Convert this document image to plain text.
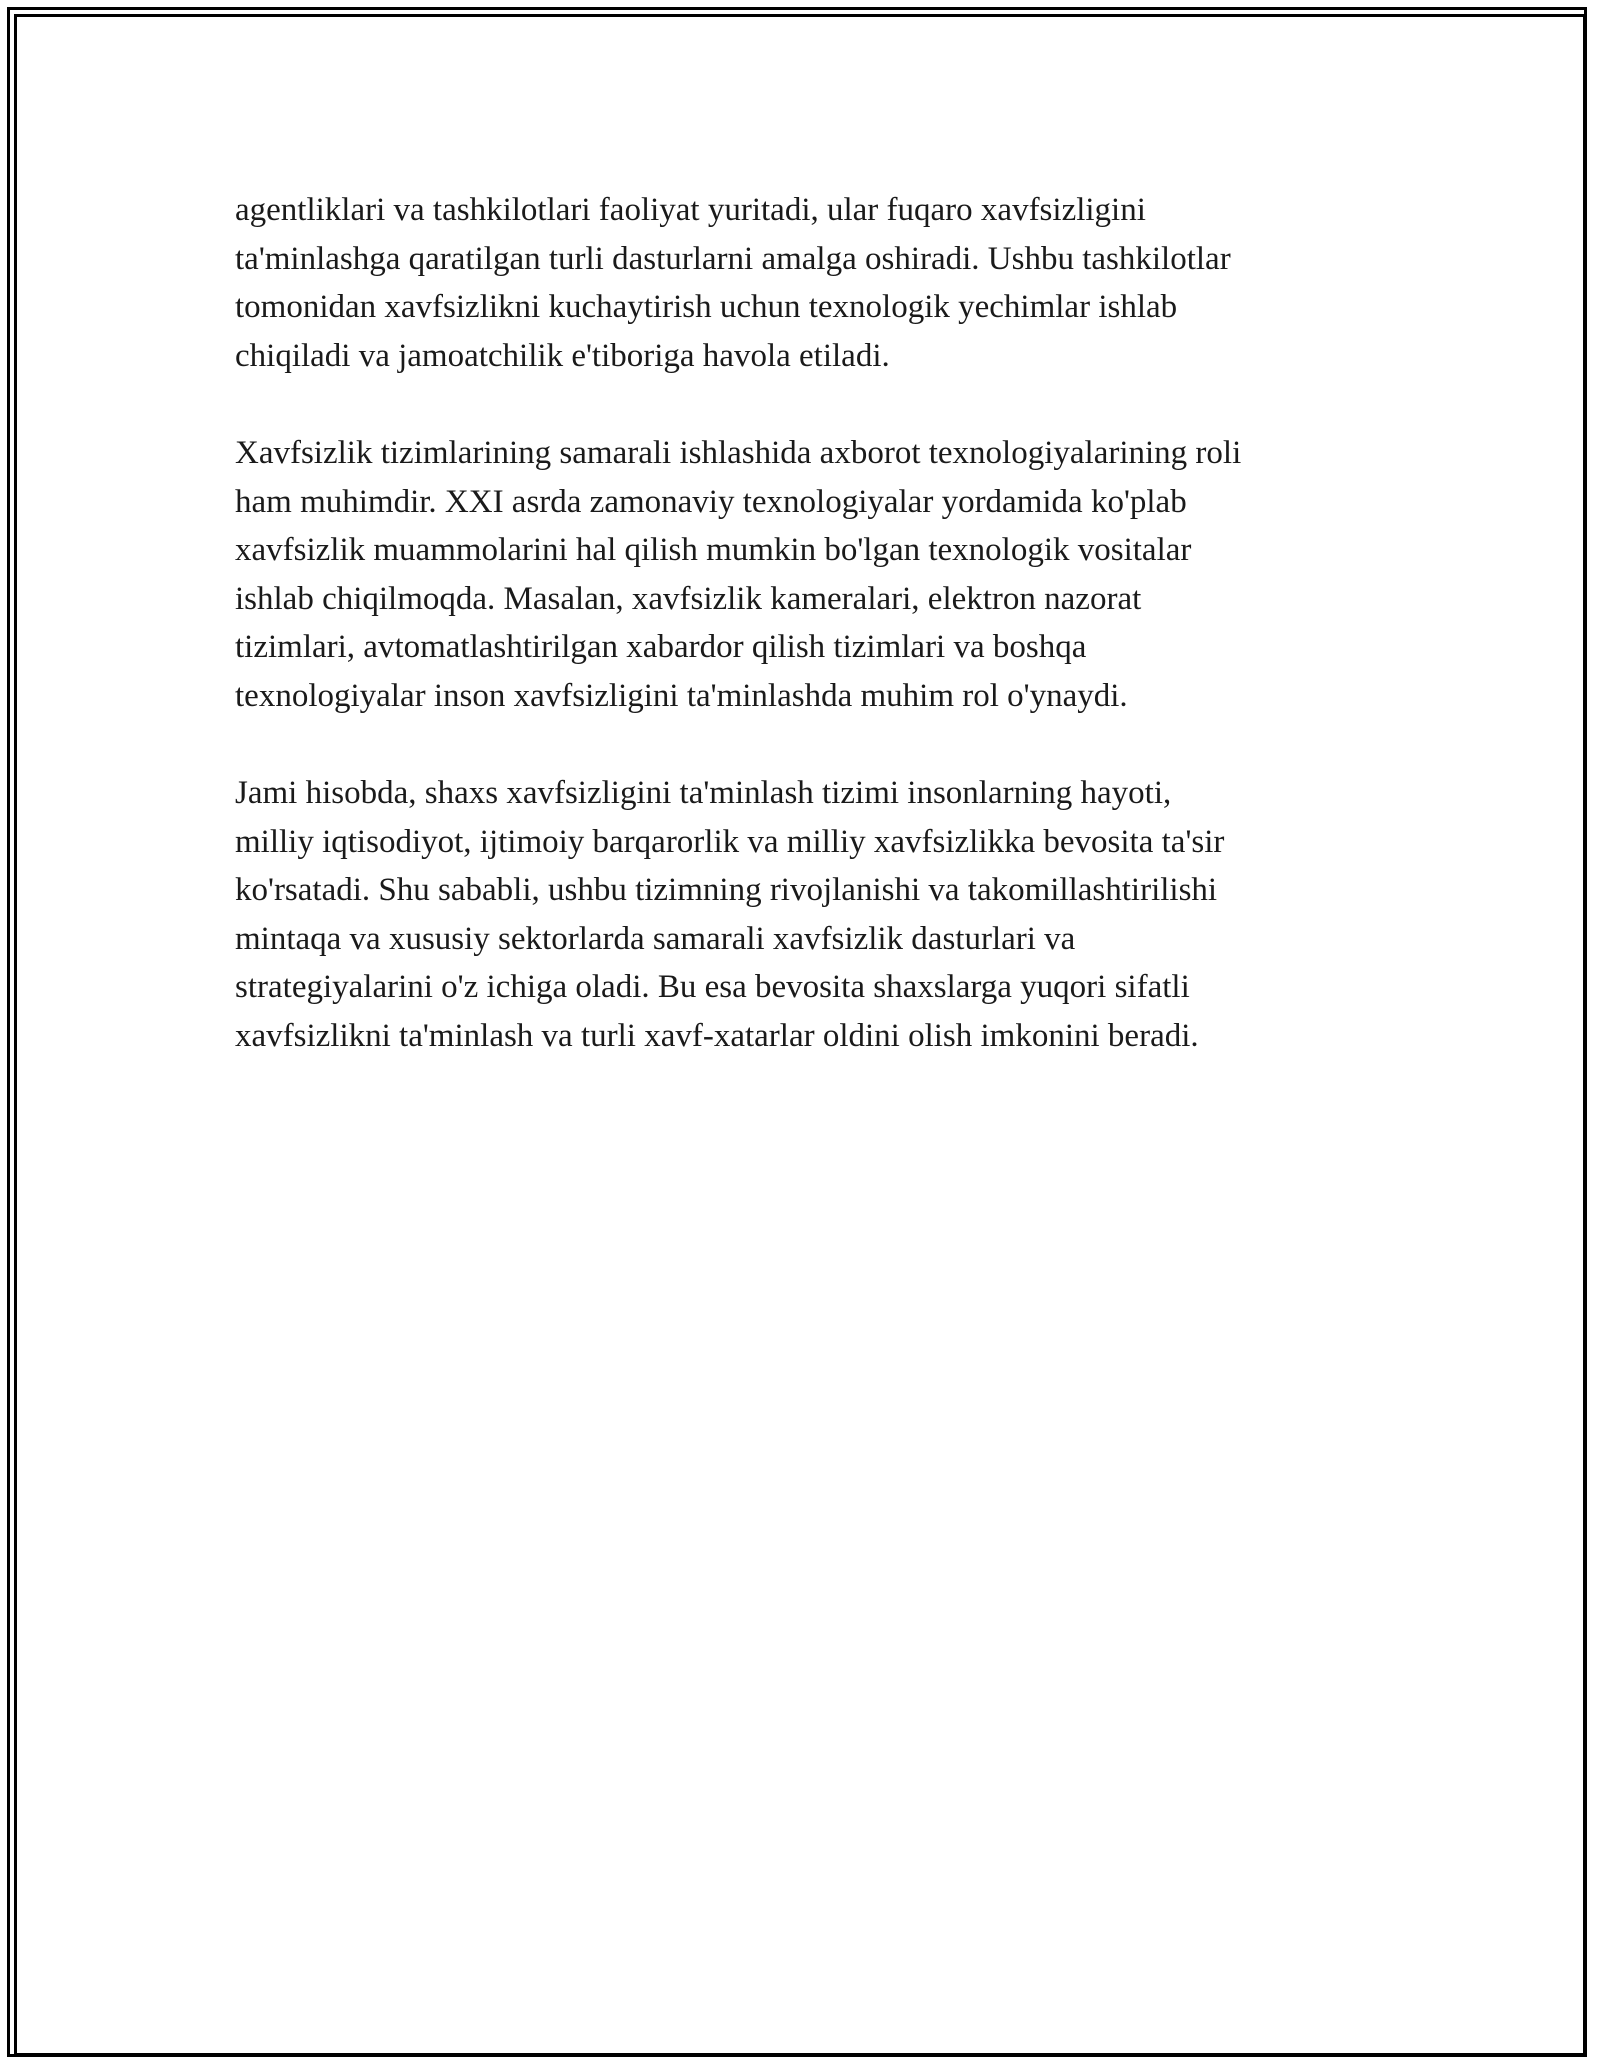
agentliklari va tashkilotlari faoliyat yuritadi, ular fuqaro xavfsizligini
ta'minlashga qaratilgan turli dasturlarni amalga oshiradi. Ushbu tashkilotlar
tomonidan xavfsizlikni kuchaytirish uchun texnologik yechimlar ishlab
chiqiladi va jamoatchilik e'tiboriga havola etiladi.

Xavfsizlik tizimlarining samarali ishlashida axborot texnologiyalarining roli
ham muhimdir. XXI asrda zamonaviy texnologiyalar yordamida ko'plab
xavfsizlik muammolarini hal qilish mumkin bo'lgan texnologik vositalar
ishlab chiqilmoqda. Masalan, xavfsizlik kameralari, elektron nazorat
tizimlari, avtomatlashtirilgan xabardor qilish tizimlari va boshqa
texnologiyalar inson xavfsizligini ta'minlashda muhim rol o'ynaydi.

Jami hisobda, shaxs xavfsizligini ta'minlash tizimi insonlarning hayoti,
milliy iqtisodiyot, ijtimoiy barqarorlik va milliy xavfsizlikka bevosita ta'sir
ko'rsatadi. Shu sababli, ushbu tizimning rivojlanishi va takomillashtirilishi
mintaqa va xususiy sektorlarda samarali xavfsizlik dasturlari va
strategiyalarini o'z ichiga oladi. Bu esa bevosita shaxslarga yuqori sifatli
xavfsizlikni ta'minlash va turli xavf-xatarlar oldini olish imkonini beradi.
